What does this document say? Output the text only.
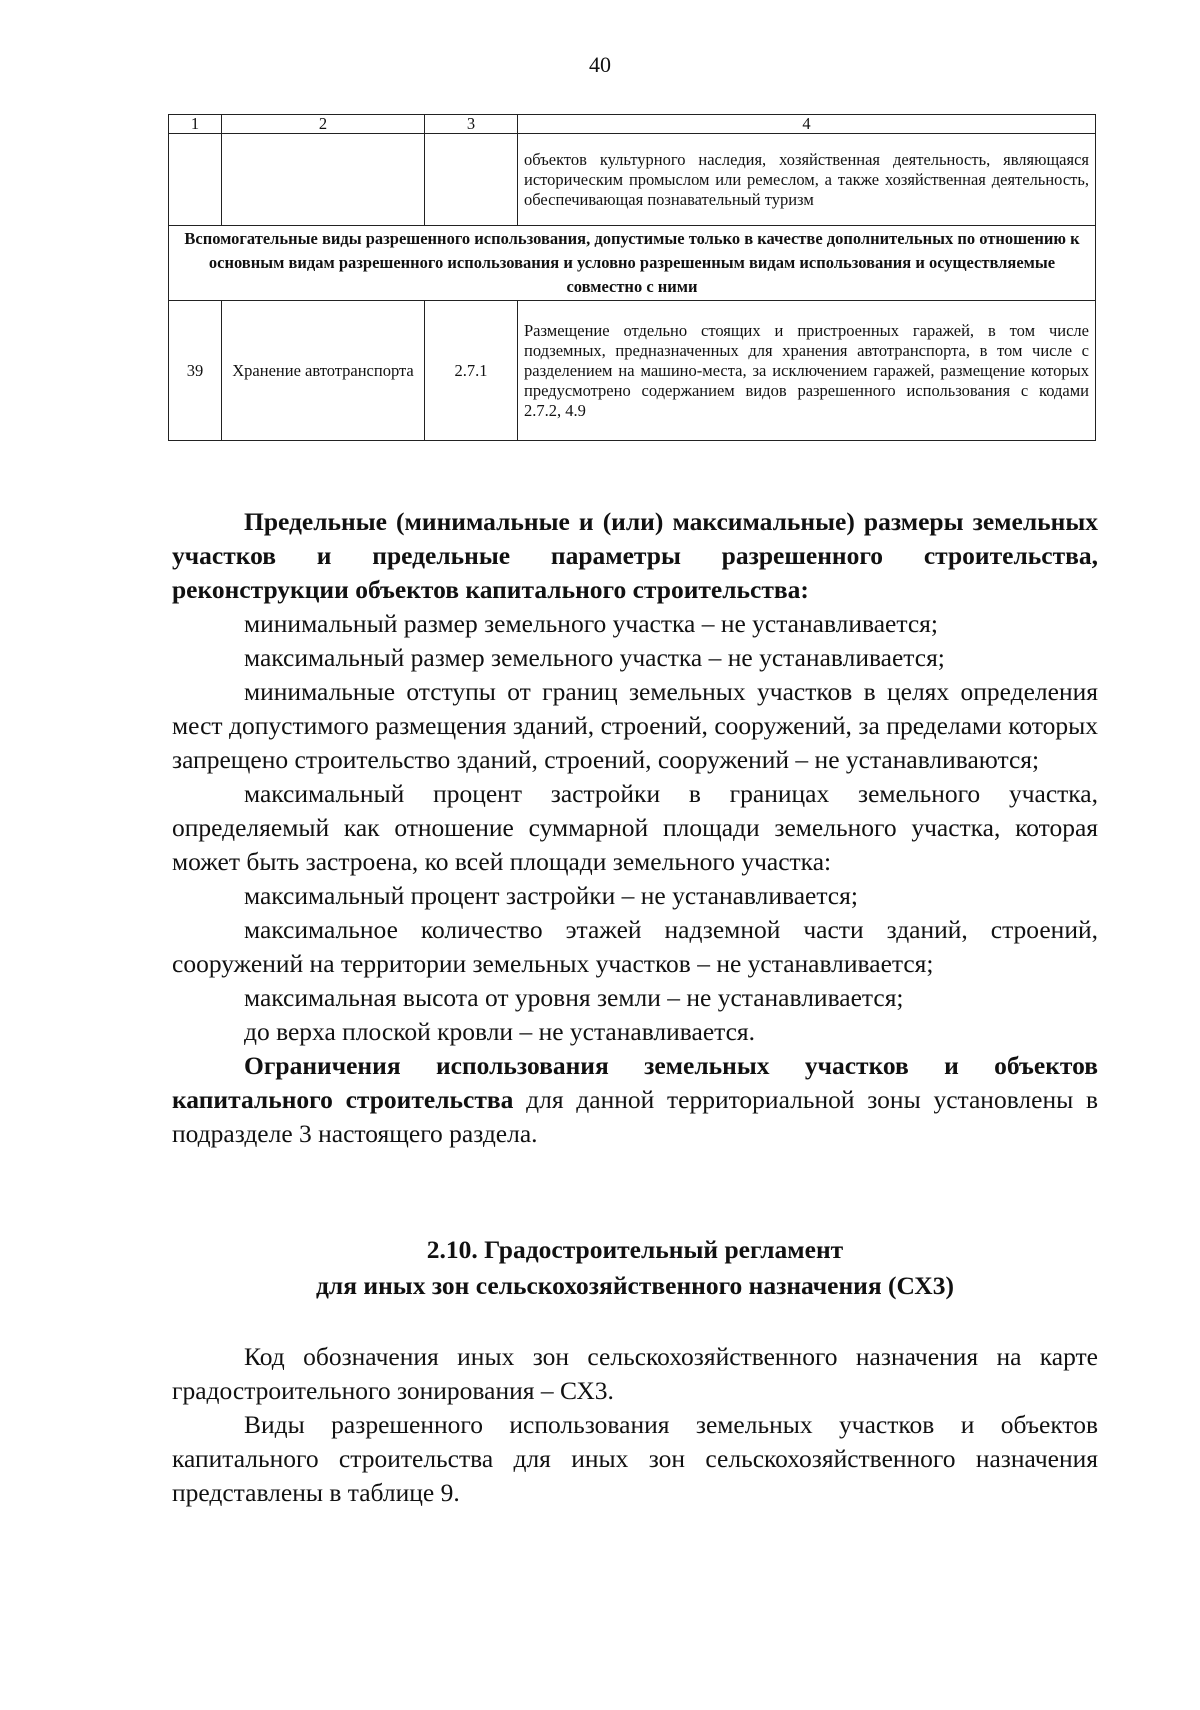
40
1	2	3	4
			объектов культурного наследия, хозяйственная деятельность, являющаяся историческим промыслом или ремеслом, а также хозяйственная деятельность, обеспечивающая познавательный туризм
Вспомогательные виды разрешенного использования, допустимые только в качестве дополнительных по отношению к основным видам разрешенного использования и условно разрешенным видам использования и осуществляемые совместно с ними			
39	Хранение автотранспорта	2.7.1	Размещение отдельно стоящих и пристроенных гаражей, в том числе подземных, предназначенных для хранения автотранспорта, в том числе с разделением на машино-места, за исключением гаражей, размещение которых предусмотрено содержанием видов разрешенного использования с кодами 2.7.2, 4.9

Предельные (минимальные и (или) максимальные) размеры земельных участков и предельные параметры разрешенного строительства, реконструкции объектов капитального строительства:

минимальный размер земельного участка – не устанавливается;

максимальный размер земельного участка – не устанавливается;

минимальные отступы от границ земельных участков в целях определения мест допустимого размещения зданий, строений, сооружений, за пределами которых запрещено строительство зданий, строений, сооружений – не устанавливаются;

максимальный процент застройки в границах земельного участка, определяемый как отношение суммарной площади земельного участка, которая может быть застроена, ко всей площади земельного участка:

максимальный процент застройки – не устанавливается;

максимальное количество этажей надземной части зданий, строений, сооружений на территории земельных участков – не устанавливается;

максимальная высота от уровня земли – не устанавливается;

до верха плоской кровли – не устанавливается.

Ограничения использования земельных участков и объектов капитального строительства для данной территориальной зоны установлены в подразделе 3 настоящего раздела.

2.10. Градостроительный регламент
для иных зон сельскохозяйственного назначения (СХ3)

Код обозначения иных зон сельскохозяйственного назначения на карте градостроительного зонирования – СХ3.

Виды разрешенного использования земельных участков и объектов капитального строительства для иных зон сельскохозяйственного назначения представлены в таблице 9.
